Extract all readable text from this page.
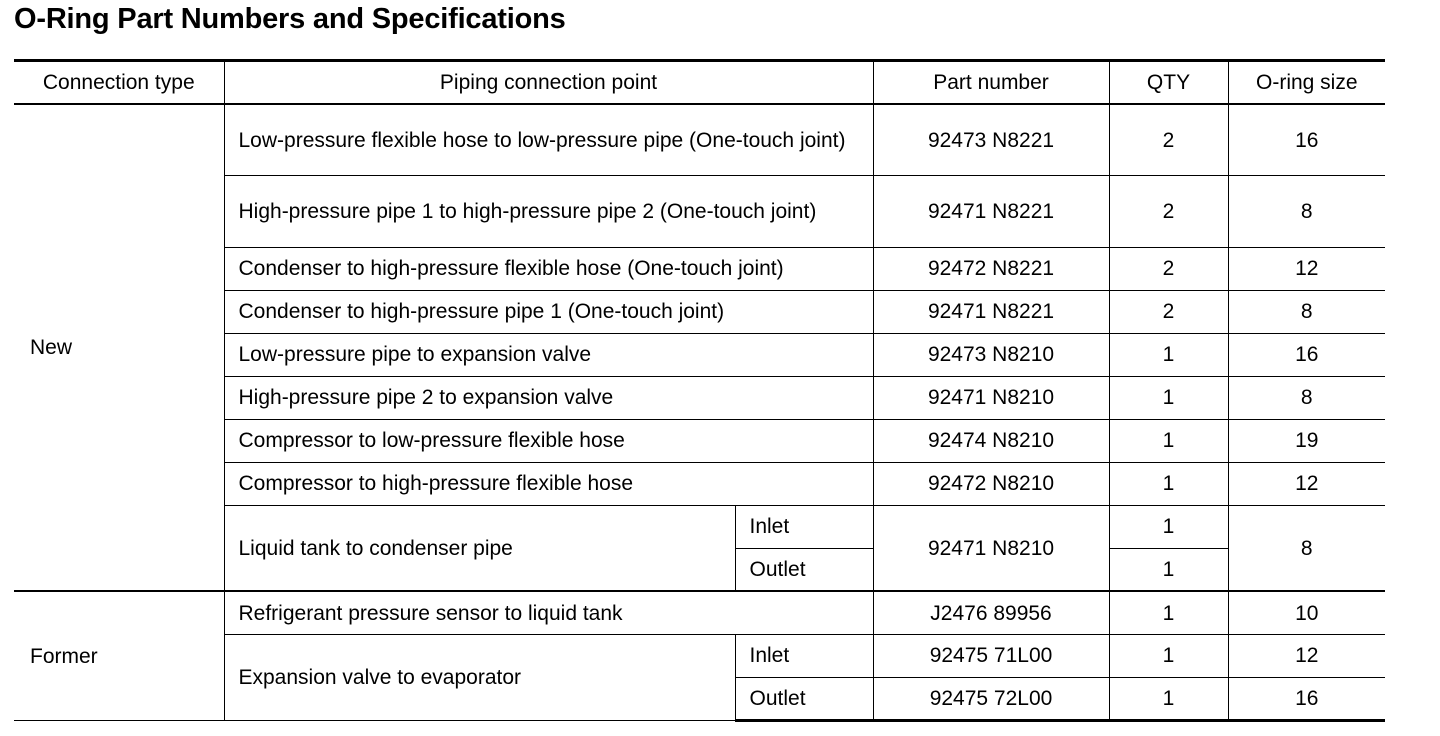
O-Ring Part Numbers and Specifications
Connection type	Piping connection point		Part number	QTY	O-ring size
New	Low-pressure flexible hose to low-pressure pipe (One-touch joint)		92473 N8221	2	16
	High-pressure pipe 1 to high-pressure pipe 2 (One-touch joint)		92471 N8221	2	8
	Condenser to high-pressure flexible hose (One-touch joint)		92472 N8221	2	12
	Condenser to high-pressure pipe 1 (One-touch joint)		92471 N8221	2	8
	Low-pressure pipe to expansion valve		92473 N8210	1	16
	High-pressure pipe 2 to expansion valve		92471 N8210	1	8
	Compressor to low-pressure flexible hose		92474 N8210	1	19
	Compressor to high-pressure flexible hose		92472 N8210	1	12
	Liquid tank to condenser pipe	Inlet	92471 N8210	1	8
		Outlet		1	
Former	Refrigerant pressure sensor to liquid tank		J2476 89956	1	10
	Expansion valve to evaporator	Inlet	92475 71L00	1	12
		Outlet	92475 72L00	1	16
